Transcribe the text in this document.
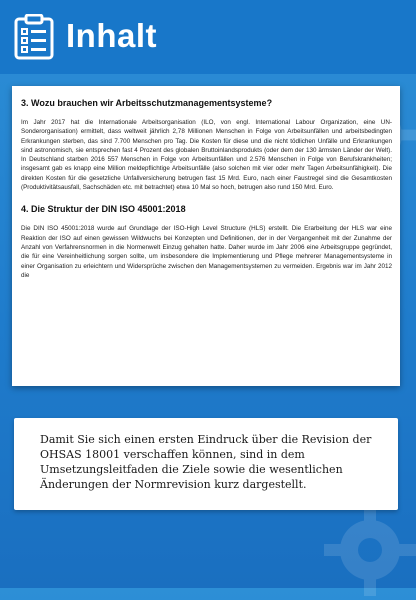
Inhalt
3. Wozu brauchen wir Arbeitsschutzmanagementsysteme?

Im Jahr 2017 hat die Internationale Arbeitsorganisation (ILO, von engl. International Labour Organization, eine UN-Sonderorganisation) ermittelt, dass weltweit jährlich 2,78 Millionen Menschen in Folge von Arbeitsunfällen und arbeitsbedingten Erkrankungen sterben, das sind 7.700 Menschen pro Tag. Die Kosten für diese und die nicht tödlichen Unfälle und Erkrankungen sind astronomisch, sie entsprechen fast 4 Prozent des globalen Bruttoinlandsprodukts (oder dem der 130 ärmsten Länder der Welt). In Deutschland starben 2016 557 Menschen in Folge von Arbeitsunfällen und 2.576 Menschen in Folge von Berufskrankheiten; insgesamt gab es knapp eine Million meldepflichtige Arbeitsunfälle (also solchen mit vier oder mehr Tagen Arbeitsunfähigkeit). Die direkten Kosten für die gesetzliche Unfallversicherung betrugen fast 15 Mrd. Euro, nach einer Faustregel sind die Gesamtkosten (Produktivitätsausfall, Sachschäden etc. mit betrachtet) etwa 10 Mal so hoch, betrugen also rund 150 Mrd. Euro.

4. Die Struktur der DIN ISO 45001:2018

Die DIN ISO 45001:2018 wurde auf Grundlage der ISO-High Level Structure (HLS) erstellt. Die Erarbeitung der HLS war eine Reaktion der ISO auf einen gewissen Wildwuchs bei Konzepten und Definitionen, der in der Vergangenheit mit der Zunahme der Anzahl von Verfahrensnormen in die Normenwelt Einzug gehalten hatte. Daher wurde im Jahr 2006 eine Arbeitsgruppe gegründet, die für eine Vereinheitlichung sorgen sollte, um insbesondere die Implementierung und Pflege mehrerer Managementsysteme in einer Organisation zu erleichtern und Widersprüche zwischen den Managementsystemen zu vermeiden. Ergebnis war im Jahr 2012 die

Damit Sie sich einen ersten Eindruck über die Revision der OHSAS 18001 verschaffen können, sind in dem Umsetzungsleitfaden die Ziele sowie die wesentlichen Änderungen der Normrevision kurz dargestellt.
